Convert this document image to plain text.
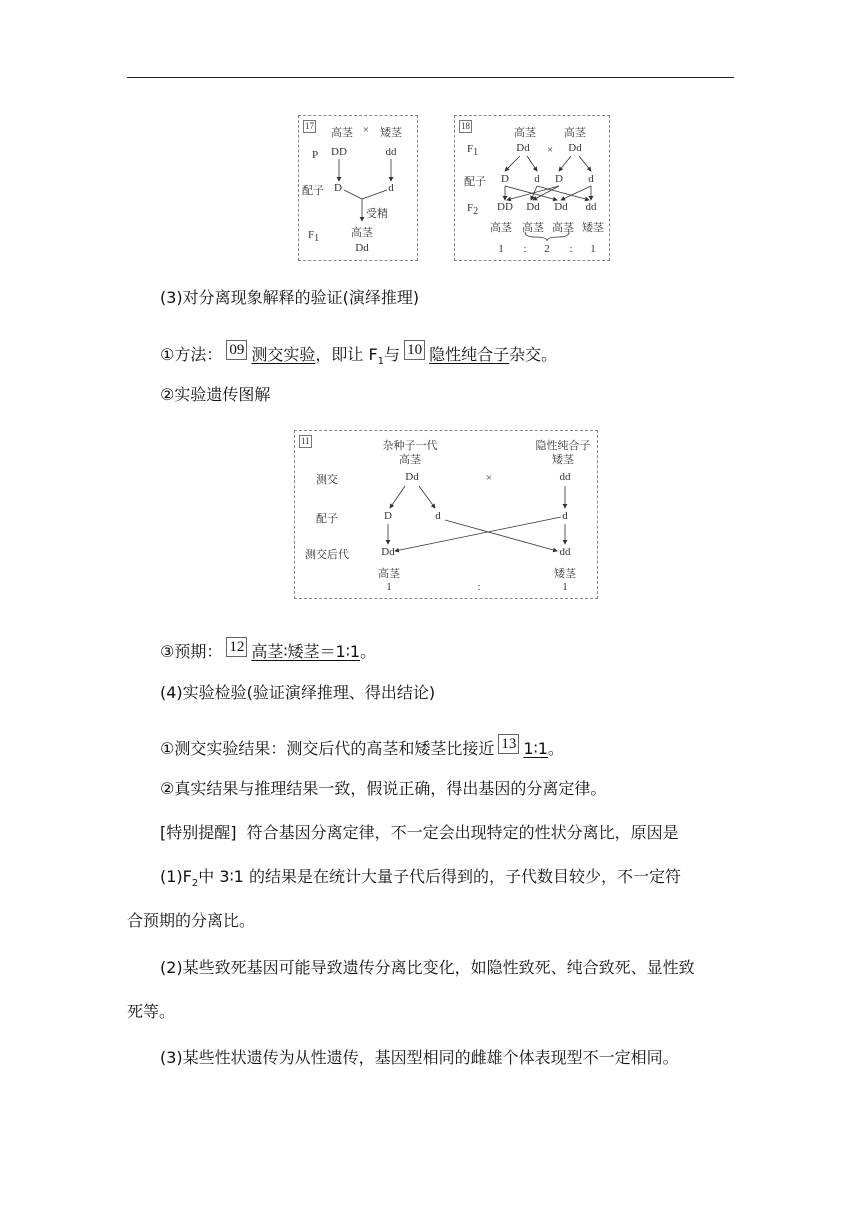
17
高茎 × 矮茎
P DD	dd
配子 D	d
受精
$F_1$	高茎
Dd
18
高茎	高茎
$F_1$	Dd × Dd
配子 D d D d
$F_2$ DD Dd Dd dd
高茎 高茎 高茎 矮茎
1 : 2 : 1
(3)对分离现象解释的验证(演绎推理)
①方法： 09 测交实验，即让 $F_1$与 10 隐性纯合子杂交。
②实验遗传图解
11	杂种子一代
高茎
隐性纯合子
矮茎
测交	Dd	×	dd
配子	D	d	d
测交后代	Dd	dd
高茎	矮茎
1	:	1
③预期： 12 高茎∶矮茎＝1∶1。
(4)实验检验(验证演绎推理、得出结论)
①测交实验结果：测交后代的高茎和矮茎比接近 13 1∶1。
②真实结果与推理结果一致，假说正确，得出基因的分离定律。
[特别提醒] 符合基因分离定律，不一定会出现特定的性状分离比，原因是
$(1)F_2$中 3∶1 的结果是在统计大量子代后得到的，子代数目较少，不一定符
合预期的分离比。
(2)某些致死基因可能导致遗传分离比变化，如隐性致死、纯合致死、显性致
死等。
(3)某些性状遗传为从性遗传，基因型相同的雌雄个体表现型不一定相同。
